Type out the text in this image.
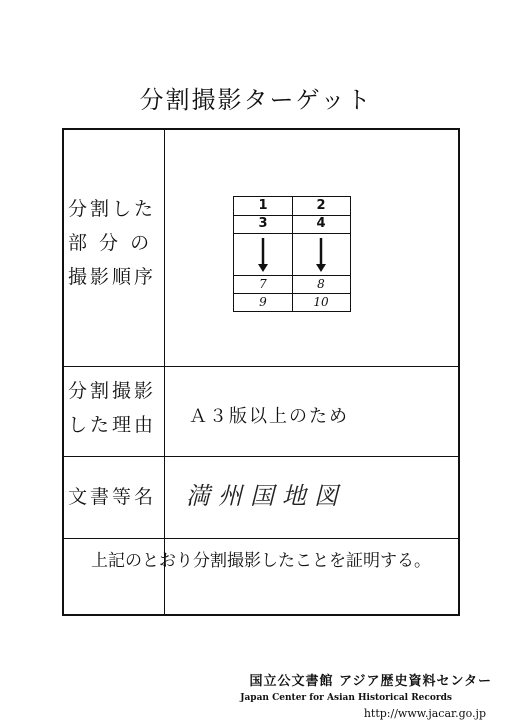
分割撮影ターゲット
分割した
部 分 の
撮影順序
1	2
3	4
7	8
9	10
分割撮影
した理由	Ａ３版以上のため
文書等名	満州国地図
上記のとおり分割撮影したことを証明する。
国立公文書館 アジア歴史資料センター
Japan Center for Asian Historical Records
http://www.jacar.go.jp
